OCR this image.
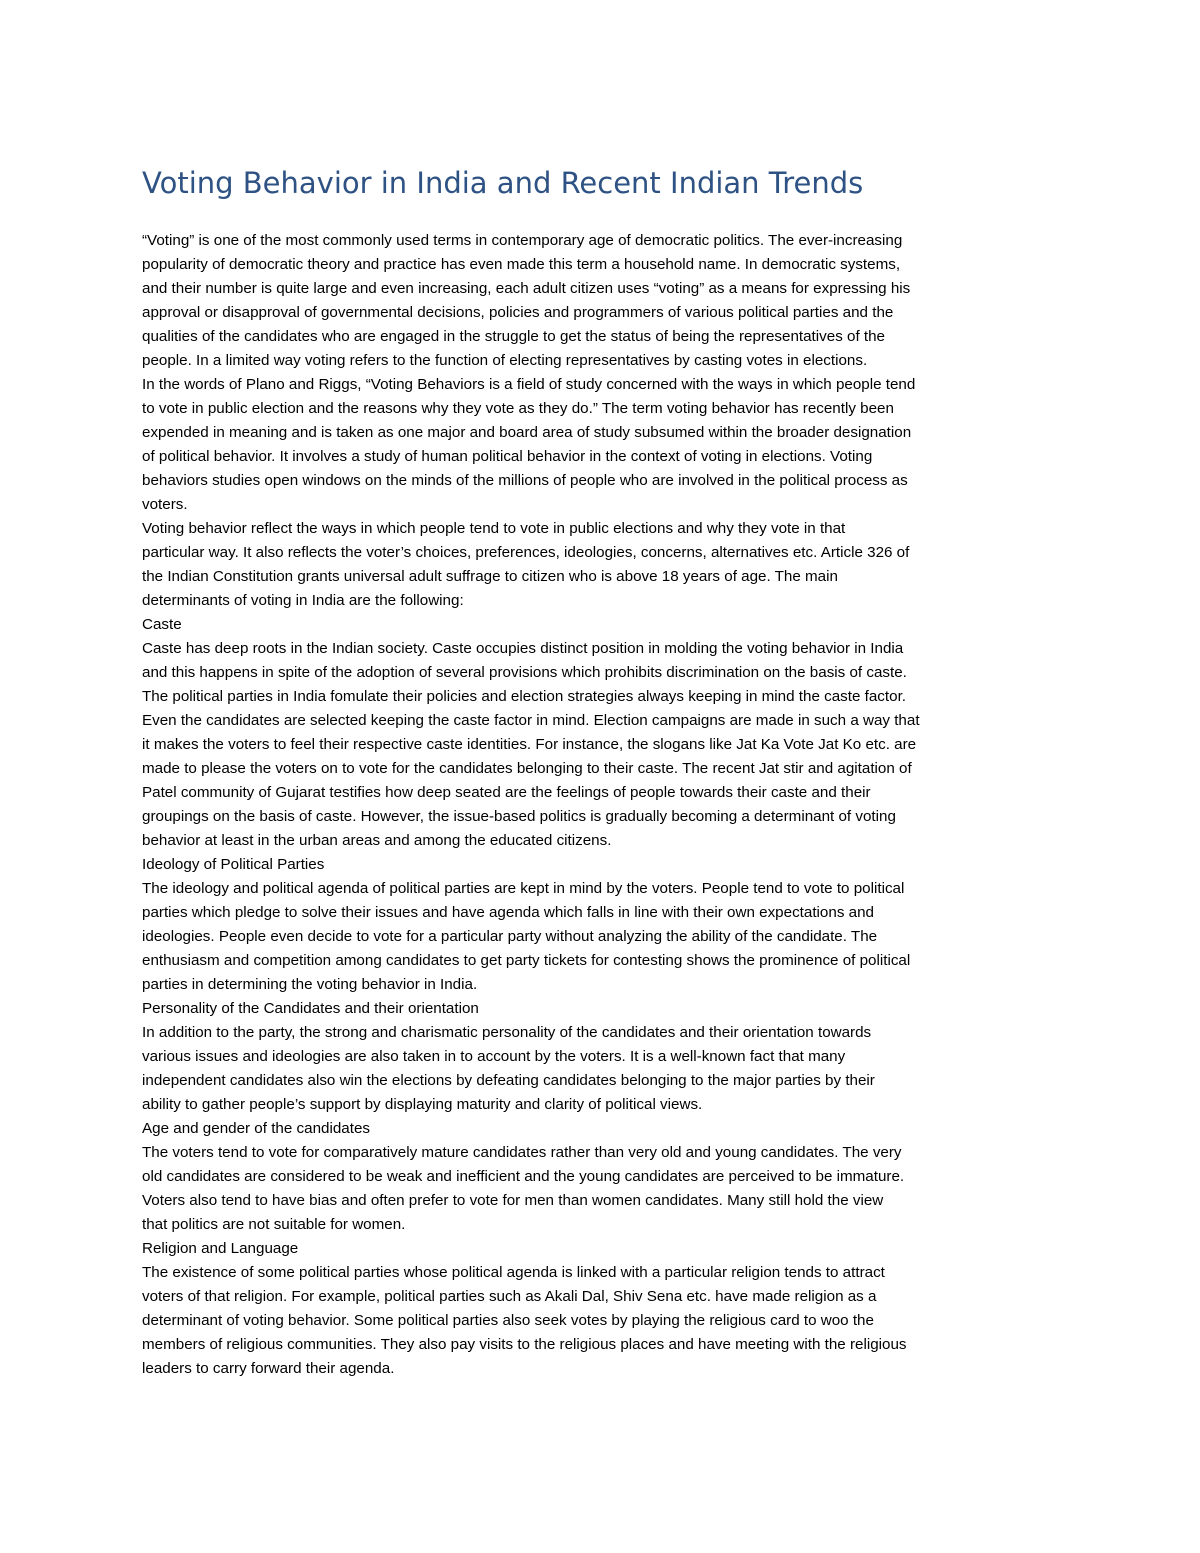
Voting Behavior in India and Recent Indian Trends
“Voting” is one of the most commonly used terms in contemporary age of democratic politics. The ever-increasing
popularity of democratic theory and practice has even made this term a household name. In democratic systems,
and their number is quite large and even increasing, each adult citizen uses “voting” as a means for expressing his
approval or disapproval of governmental decisions, policies and programmers of various political parties and the
qualities of the candidates who are engaged in the struggle to get the status of being the representatives of the
people. In a limited way voting refers to the function of electing representatives by casting votes in elections.
In the words of Plano and Riggs, “Voting Behaviors is a field of study concerned with the ways in which people tend
to vote in public election and the reasons why they vote as they do.” The term voting behavior has recently been
expended in meaning and is taken as one major and board area of study subsumed within the broader designation
of political behavior. It involves a study of human political behavior in the context of voting in elections. Voting
behaviors studies open windows on the minds of the millions of people who are involved in the political process as
voters.
Voting behavior reflect the ways in which people tend to vote in public elections and why they vote in that
particular way. It also reflects the voter’s choices, preferences, ideologies, concerns, alternatives etc. Article 326 of
the Indian Constitution grants universal adult suffrage to citizen who is above 18 years of age. The main
determinants of voting in India are the following:
Caste
Caste has deep roots in the Indian society. Caste occupies distinct position in molding the voting behavior in India
and this happens in spite of the adoption of several provisions which prohibits discrimination on the basis of caste.
The political parties in India fomulate their policies and election strategies always keeping in mind the caste factor.
Even the candidates are selected keeping the caste factor in mind. Election campaigns are made in such a way that
it makes the voters to feel their respective caste identities. For instance, the slogans like Jat Ka Vote Jat Ko etc. are
made to please the voters on to vote for the candidates belonging to their caste. The recent Jat stir and agitation of
Patel community of Gujarat testifies how deep seated are the feelings of people towards their caste and their
groupings on the basis of caste. However, the issue-based politics is gradually becoming a determinant of voting
behavior at least in the urban areas and among the educated citizens.
Ideology of Political Parties
The ideology and political agenda of political parties are kept in mind by the voters. People tend to vote to political
parties which pledge to solve their issues and have agenda which falls in line with their own expectations and
ideologies. People even decide to vote for a particular party without analyzing the ability of the candidate. The
enthusiasm and competition among candidates to get party tickets for contesting shows the prominence of political
parties in determining the voting behavior in India.
Personality of the Candidates and their orientation
In addition to the party, the strong and charismatic personality of the candidates and their orientation towards
various issues and ideologies are also taken in to account by the voters. It is a well-known fact that many
independent candidates also win the elections by defeating candidates belonging to the major parties by their
ability to gather people’s support by displaying maturity and clarity of political views.
Age and gender of the candidates
The voters tend to vote for comparatively mature candidates rather than very old and young candidates. The very
old candidates are considered to be weak and inefficient and the young candidates are perceived to be immature.
Voters also tend to have bias and often prefer to vote for men than women candidates. Many still hold the view
that politics are not suitable for women.
Religion and Language
The existence of some political parties whose political agenda is linked with a particular religion tends to attract
voters of that religion. For example, political parties such as Akali Dal, Shiv Sena etc. have made religion as a
determinant of voting behavior. Some political parties also seek votes by playing the religious card to woo the
members of religious communities. They also pay visits to the religious places and have meeting with the religious
leaders to carry forward their agenda.
